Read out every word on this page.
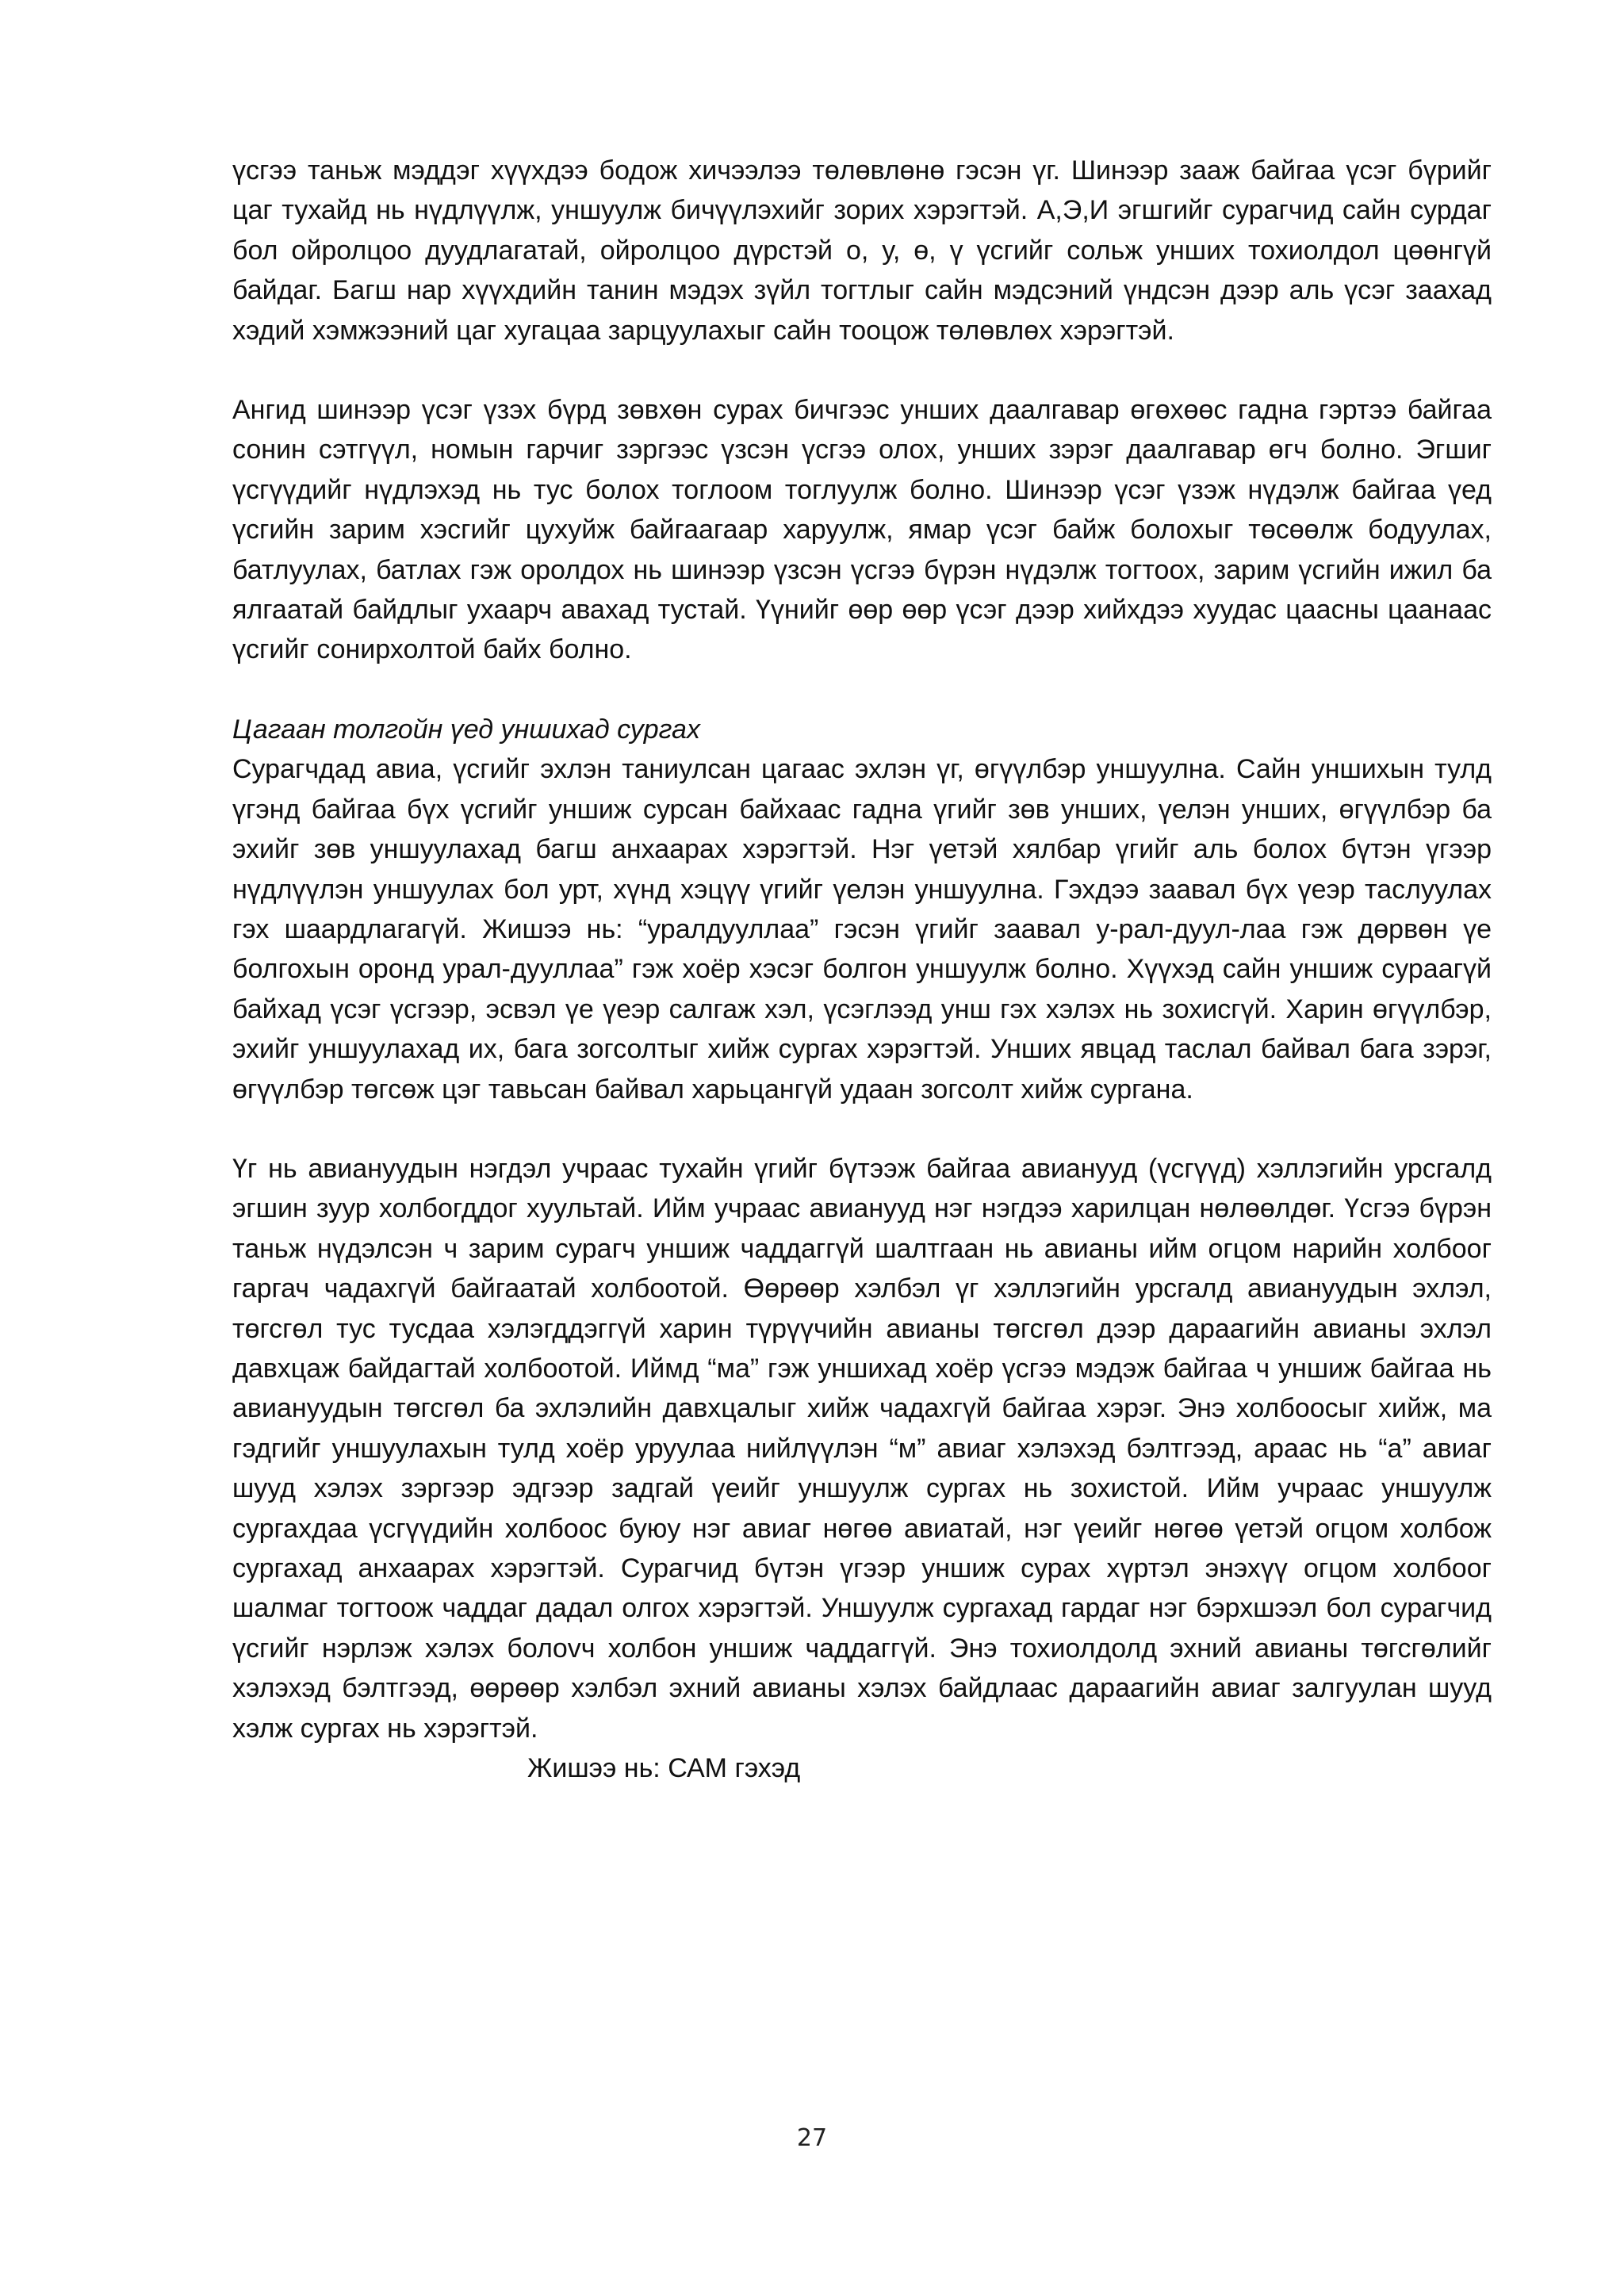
үсгээ таньж мэддэг хүүхдээ бодож хичээлээ төлөвлөнө гэсэн үг. Шинээр зааж байгаа үсэг бүрийг цаг тухайд нь нүдлүүлж, уншуулж бичүүлэхийг зорих хэрэгтэй. А,Э,И эгшгийг сурагчид сайн сурдаг бол ойролцоо дуудлагатай, ойролцоо дүрстэй о, у, ө, ү үсгийг сольж унших тохиолдол цөөнгүй байдаг. Багш нар хүүхдийн танин мэдэх зүйл тогтлыг сайн мэдсэний үндсэн дээр аль үсэг заахад хэдий хэмжээний цаг хугацаа зарцуулахыг сайн тооцож төлөвлөх хэрэгтэй.

Ангид шинээр үсэг үзэх бүрд зөвхөн сурах бичгээс унших даалгавар өгөхөөс гадна гэртээ байгаа сонин сэтгүүл, номын гарчиг зэргээс үзсэн үсгээ олох, унших зэрэг даалгавар өгч болно. Эгшиг үсгүүдийг нүдлэхэд нь тус болох тоглоом тоглуулж болно. Шинээр үсэг үзэж нүдэлж байгаа үед үсгийн зарим хэсгийг цухуйж байгаагаар харуулж, ямар үсэг байж болохыг төсөөлж бодуулах, батлуулах, батлах гэж оролдох нь шинээр үзсэн үсгээ бүрэн нүдэлж тогтоох, зарим үсгийн ижил ба ялгаатай байдлыг ухаарч авахад тустай. Үүнийг өөр өөр үсэг дээр хийхдээ хуудас цаасны цаанаас үсгийг сонирхолтой байх болно.

Цагаан толгойн үед уншихад сургах

Сурагчдад авиа, үсгийг эхлэн таниулсан цагаас эхлэн үг, өгүүлбэр уншуулна. Сайн уншихын тулд үгэнд байгаа бүх үсгийг уншиж сурсан байхаас гадна үгийг зөв унших, үелэн унших, өгүүлбэр ба эхийг зөв уншуулахад багш анхаарах хэрэгтэй. Нэг үетэй хялбар үгийг аль болох бүтэн үгээр нүдлүүлэн уншуулах бол урт, хүнд хэцүү үгийг үелэн уншуулна. Гэхдээ заавал бүх үеэр таслуулах гэх шаардлагагүй. Жишээ нь: “уралдууллаа” гэсэн үгийг заавал у-рал-дуул-лаа гэж дөрвөн үе болгохын оронд урал-дууллаа” гэж хоёр хэсэг болгон уншуулж болно. Хүүхэд сайн уншиж сураагүй байхад үсэг үсгээр, эсвэл үе үеэр салгаж хэл, үсэглээд унш гэх хэлэх нь зохисгүй. Харин өгүүлбэр, эхийг уншуулахад их, бага зогсолтыг хийж сургах хэрэгтэй. Унших явцад таслал байвал бага зэрэг, өгүүлбэр төгсөж цэг тавьсан байвал харьцангүй удаан зогсолт хийж сургана.

Үг нь авиануудын нэгдэл учраас тухайн үгийг бүтээж байгаа авианууд (үсгүүд) хэллэгийн урсгалд эгшин зуур холбогддог хуультай. Ийм учраас авианууд нэг нэгдээ харилцан нөлөөлдөг. Үсгээ бүрэн таньж нүдэлсэн ч зарим сурагч уншиж чаддаггүй шалтгаан нь авианы ийм огцом нарийн холбоог гаргач чадахгүй байгаатай холбоотой. Өөрөөр хэлбэл үг хэллэгийн урсгалд авиануудын эхлэл, төгсгөл тус тусдаа хэлэгддэггүй харин түрүүчийн авианы төгсгөл дээр дараагийн авианы эхлэл давхцаж байдагтай холбоотой. Иймд “ма” гэж уншихад хоёр үсгээ мэдэж байгаа ч уншиж байгаа нь авиануудын төгсгөл ба эхлэлийн давхцалыг хийж чадахгүй байгаа хэрэг. Энэ холбоосыг хийж, ма гэдгийг уншуулахын тулд хоёр уруулаа нийлүүлэн “м” авиаг хэлэхэд бэлтгээд, араас нь “а” авиаг шууд хэлэх зэргээр эдгээр задгай үеийг уншуулж сургах нь зохистой. Ийм учраас уншуулж сургахдаа үсгүүдийн холбоос буюу нэг авиаг нөгөө авиатай, нэг үеийг нөгөө үетэй огцом холбож сургахад анхаарах хэрэгтэй. Сурагчид бүтэн үгээр уншиж сурах хүртэл энэхүү огцом холбоог шалмаг тогтоож чаддаг дадал олгох хэрэгтэй. Уншуулж сургахад гардаг нэг бэрхшээл бол сурагчид үсгийг нэрлэж хэлэх болovч холбон уншиж чаддаггүй. Энэ тохиолдолд эхний авианы төгсгөлийг хэлэхэд бэлтгээд, өөрөөр хэлбэл эхний авианы хэлэх байдлаас дараагийн авиаг залгуулан шууд хэлж сургах нь хэрэгтэй.

Жишээ нь: САМ гэхэд

27
